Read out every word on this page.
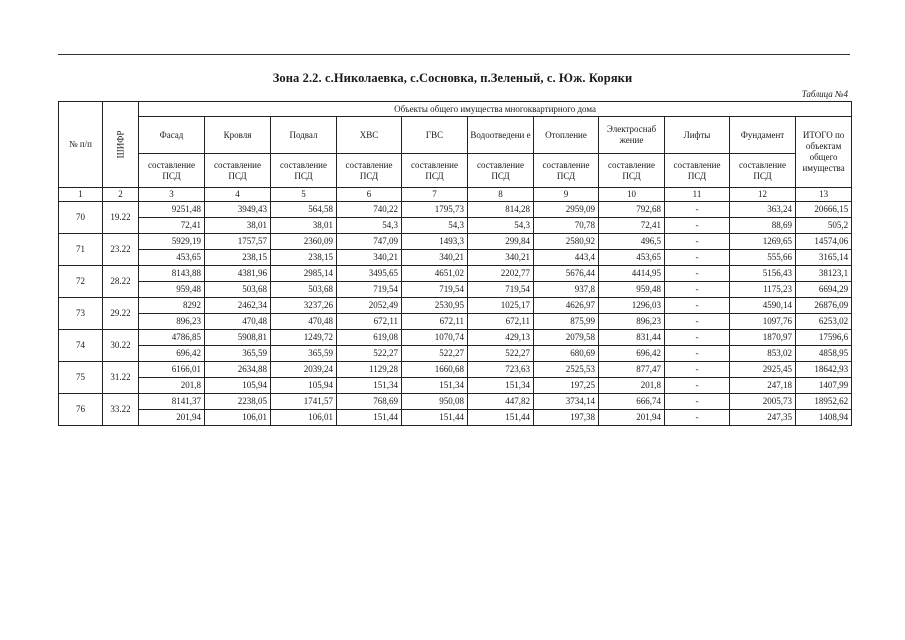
Зона 2.2. с.Николаевка, с.Сосновка, п.Зеленый, с. Юж. Коряки
Таблица №4
№ п/п	ШИФР	Объекты общего имущества многоквартирного дома										
		Фасад	Кровля	Подвал	ХВС	ГВС	Водоотведени е	Отопление	Электроснаб жение	Лифты	Фундамент	ИТОГО по объектам общего имущества
		составление ПСД	составление ПСД	составление ПСД	составление ПСД	составление ПСД	составление ПСД	составление ПСД	составление ПСД	составление ПСД	составление ПСД	
1	2	3	4	5	6	7	8	9	10	11	12	13
70	19.22	9251,48	3949,43	564,58	740,22	1795,73	814,28	2959,09	792,68	-	363,24	20666,15
		72,41	38,01	38,01	54,3	54,3	54,3	70,78	72,41	-	88,69	505,2
71	23.22	5929,19	1757,57	2360,09	747,09	1493,3	299,84	2580,92	496,5	-	1269,65	14574,06
		453,65	238,15	238,15	340,21	340,21	340,21	443,4	453,65	-	555,66	3165,14
72	28.22	8143,88	4381,96	2985,14	3495,65	4651,02	2202,77	5676,44	4414,95	-	5156,43	38123,1
		959,48	503,68	503,68	719,54	719,54	719,54	937,8	959,48	-	1175,23	6694,29
73	29.22	8292	2462,34	3237,26	2052,49	2530,95	1025,17	4626,97	1296,03	-	4590,14	26876,09
		896,23	470,48	470,48	672,11	672,11	672,11	875,99	896,23	-	1097,76	6253,02
74	30.22	4786,85	5908,81	1249,72	619,08	1070,74	429,13	2079,58	831,44	-	1870,97	17596,6
		696,42	365,59	365,59	522,27	522,27	522,27	680,69	696,42	-	853,02	4858,95
75	31.22	6166,01	2634,88	2039,24	1129,28	1660,68	723,63	2525,53	877,47	-	2925,45	18642,93
		201,8	105,94	105,94	151,34	151,34	151,34	197,25	201,8	-	247,18	1407,99
76	33.22	8141,37	2238,05	1741,57	768,69	950,08	447,82	3734,14	666,74	-	2005,73	18952,62
		201,94	106,01	106,01	151,44	151,44	151,44	197,38	201,94	-	247,35	1408,94
